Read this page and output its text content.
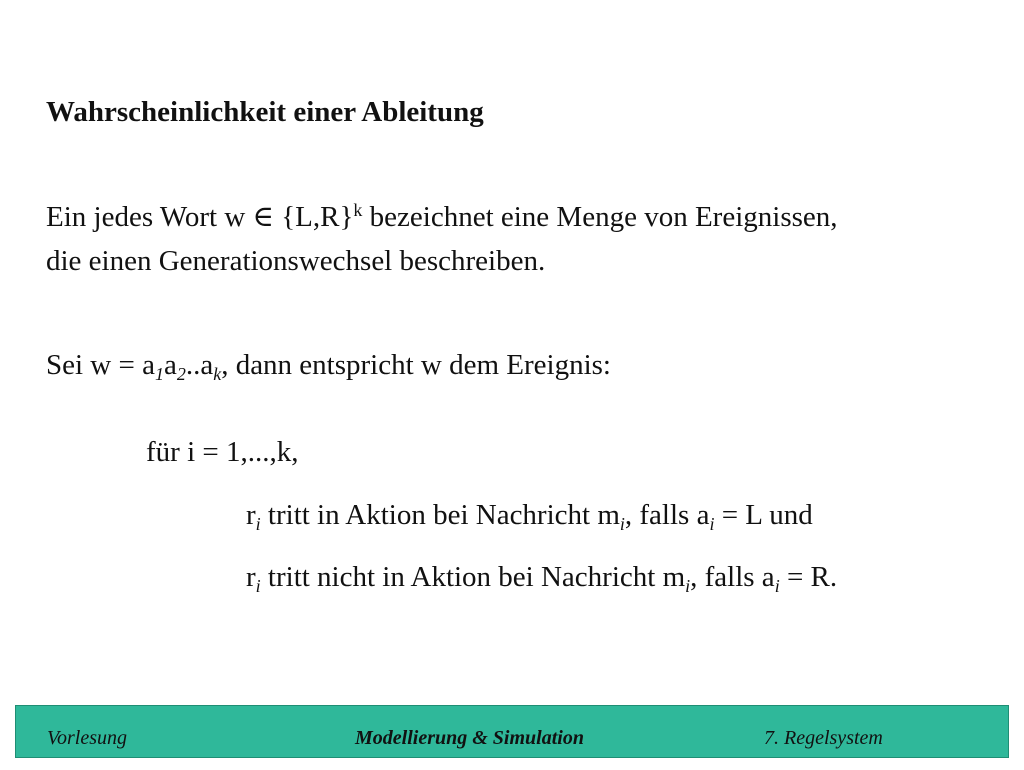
Wahrscheinlichkeit einer Ableitung
Ein jedes Wort w ∈ $\{L,R\}^k$ bezeichnet eine Menge von Ereignissen,
die einen Generationswechsel beschreiben.
Sei $w = a_1a_2..a_k$, dann entspricht w dem Ereignis:
für i = 1,...,k,
$r_i$ tritt in Aktion bei Nachricht $m_i$, falls $a_i = L$ und
$r_i$ tritt nicht in Aktion bei Nachricht $m_i$, falls $a_i = R$.
Vorlesung	Modellierung & Simulation	7. Regelsystem
